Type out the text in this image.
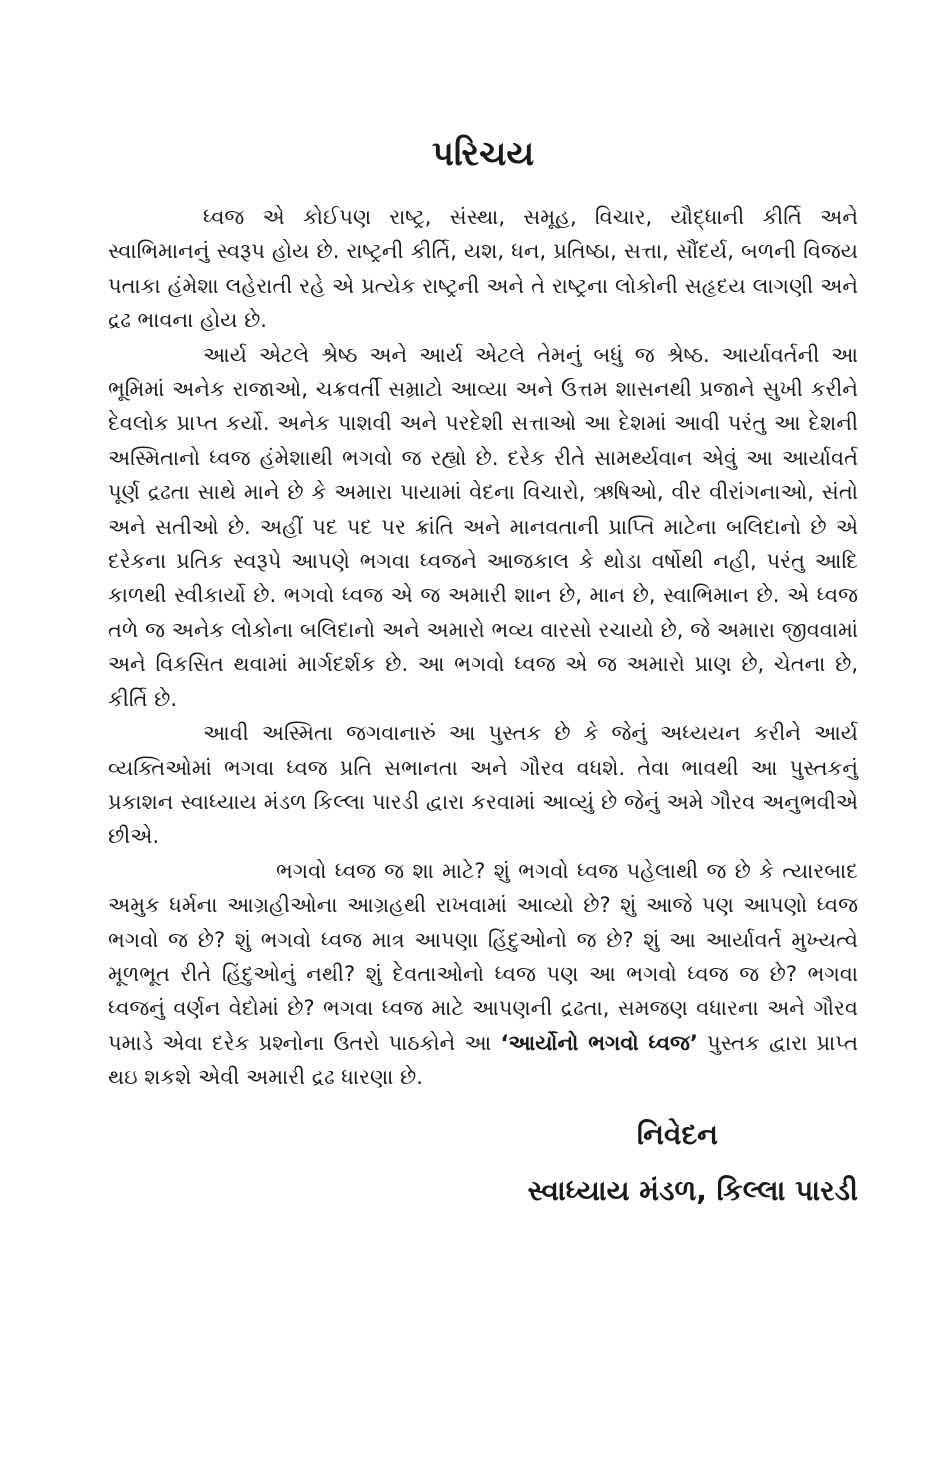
પરિચય

ધ્વજ એ કોઈપણ રાષ્ટ્ર, સંસ્થા, સમૂહ, વિચાર, યૌદ્ધાની કીર્તિ અને સ્વાભિમાનનું સ્વરૂપ હોય છે. રાષ્ટ્રની કીર્તિ, યશ, ધન, પ્રતિષ્ઠા, સત્તા, સૌંદર્ય, બળની વિજય પતાકા હંમેશા લહેરાતી રહે એ પ્રત્યેક રાષ્ટ્રની અને તે રાષ્ટ્રના લોકોની સહૃદય લાગણી અને દ્રઢ ભાવના હોય છે.

આર્ય એટલે શ્રેષ્ઠ અને આર્ય એટલે તેમનું બધું જ શ્રેષ્ઠ. આર્યાવર્તની આ ભૂમિમાં અનેક રાજાઓ, ચક્રવર્તી સમ્રાટો આવ્યા અને ઉત્તમ શાસનથી પ્રજાને સુખી કરીને દેવલોક પ્રાપ્ત કર્યો. અનેક પાશવી અને પરદેશી સત્તાઓ આ દેશમાં આવી પરંતુ આ દેશની અસ્મિતાનો ધ્વજ હંમેશાથી ભગવો જ રહ્યો છે. દરેક રીતે સામર્થ્યવાન એવું આ આર્યાવર્ત પૂર્ણ દ્રઢતા સાથે માને છે કે અમારા પાયામાં વેદના વિચારો, ઋષિઓ, વીર વીરાંગનાઓ, સંતો અને સતીઓ છે. અહીં પદ પદ પર ક્રાંતિ અને માનવતાની પ્રાપ્તિ માટેના બલિદાનો છે એ દરેકના પ્રતિક સ્વરૂપે આપણે ભગવા ધ્વજને આજકાલ કે થોડા વર્ષોથી નહી, પરંતુ આદિ કાળથી સ્વીકાર્યો છે. ભગવો ધ્વજ એ જ અમારી શાન છે, માન છે, સ્વાભિમાન છે. એ ધ્વજ તળે જ અનેક લોકોના બલિદાનો અને અમારો ભવ્ય વારસો રચાયો છે, જે અમારા જીવવામાં અને વિકસિત થવામાં માર્ગદર્શક છે. આ ભગવો ધ્વજ એ જ અમારો પ્રાણ છે, ચેતના છે, કીર્તિ છે.

આવી અસ્મિતા જગવાનારું આ પુસ્તક છે કે જેનું અધ્યયન કરીને આર્ય વ્યક્તિઓમાં ભગવા ધ્વજ પ્રતિ સભાનતા અને ગૌરવ વધશે. તેવા ભાવથી આ પુસ્તકનું પ્રકાશન સ્વાધ્યાય મંડળ કિલ્લા પારડી દ્વારા કરવામાં આવ્યું છે જેનું અમે ગૌરવ અનુભવીએ છીએ.

ભગવો ધ્વજ જ શા માટે? શું ભગવો ધ્વજ પહેલાથી જ છે કે ત્યારબાદ અમુક ધર્મના આગ્રહીઓના આગ્રહથી રાખવામાં આવ્યો છે? શું આજે પણ આપણો ધ્વજ ભગવો જ છે? શું ભગવો ધ્વજ માત્ર આપણા હિંદુઓનો જ છે? શું આ આર્યાવર્ત મુખ્યત્વે મૂળભૂત રીતે હિંદુઓનું નથી? શું દેવતાઓનો ધ્વજ પણ આ ભગવો ધ્વજ જ છે? ભગવા ધ્વજનું વર્ણન વેદોમાં છે? ભગવા ધ્વજ માટે આપણની દ્રઢતા, સમજણ વધારના અને ગૌરવ પમાડે એવા દરેક પ્રશ્નોના ઉતરો પાઠકોને આ ‘આર્યોનો ભગવો ધ્વજ’ પુસ્તક દ્વારા પ્રાપ્ત થઇ શકશે એવી અમારી દ્રઢ ધારણા છે.

નિવેદન
સ્વાધ્યાય મંડળ, કિલ્લા પારડી
